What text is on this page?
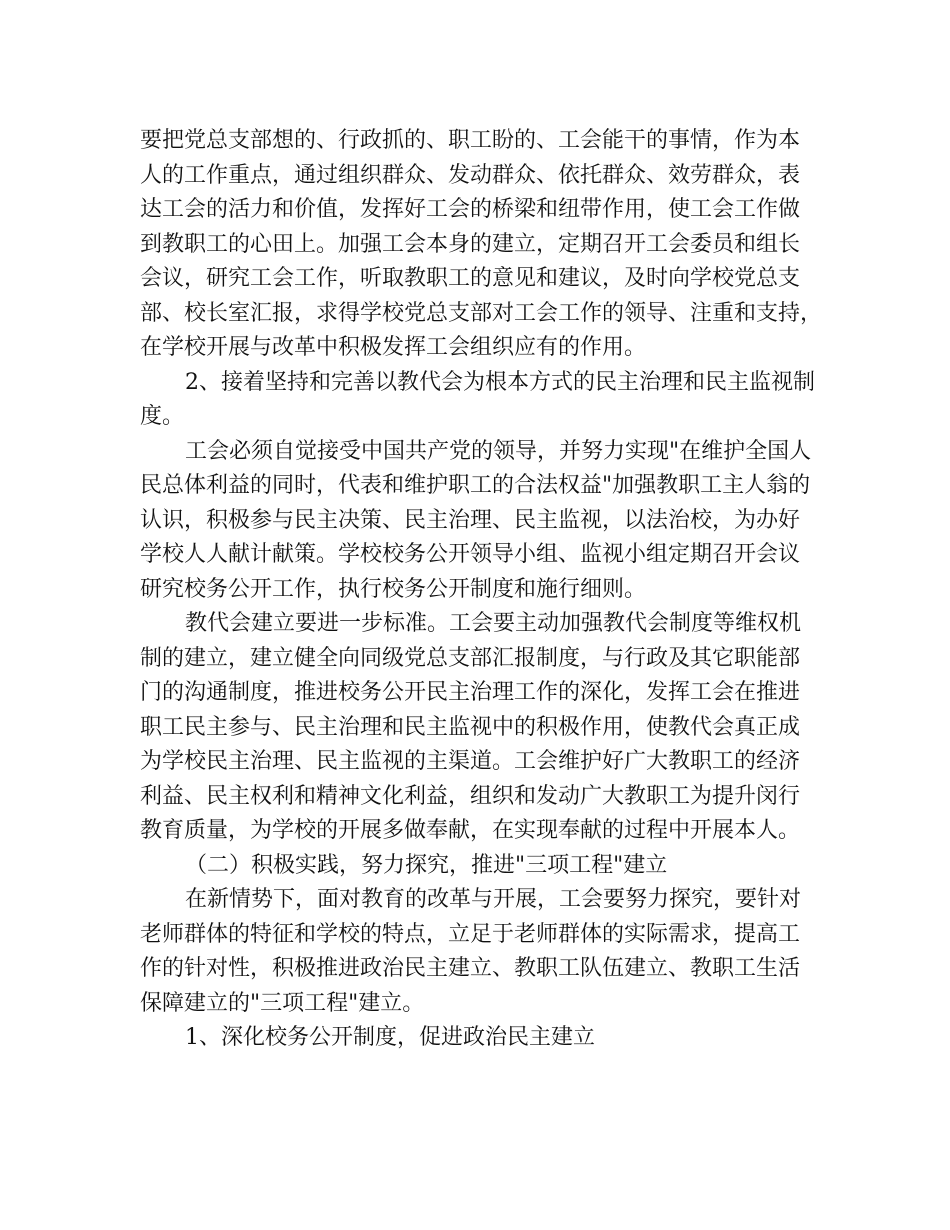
要把党总支部想的、行政抓的、职工盼的、工会能干的事情，作为本
人的工作重点，通过组织群众、发动群众、依托群众、效劳群众，表
达工会的活力和价值，发挥好工会的桥梁和纽带作用，使工会工作做
到教职工的心田上。加强工会本身的建立，定期召开工会委员和组长
会议，研究工会工作，听取教职工的意见和建议，及时向学校党总支
部、校长室汇报，求得学校党总支部对工会工作的领导、注重和支持，
在学校开展与改革中积极发挥工会组织应有的作用。
2、接着坚持和完善以教代会为根本方式的民主治理和民主监视制
度。
工会必须自觉接受中国共产党的领导，并努力实现"在维护全国人
民总体利益的同时，代表和维护职工的合法权益"加强教职工主人翁的
认识，积极参与民主决策、民主治理、民主监视，以法治校，为办好
学校人人献计献策。学校校务公开领导小组、监视小组定期召开会议
研究校务公开工作，执行校务公开制度和施行细则。
教代会建立要进一步标准。工会要主动加强教代会制度等维权机
制的建立，建立健全向同级党总支部汇报制度，与行政及其它职能部
门的沟通制度，推进校务公开民主治理工作的深化，发挥工会在推进
职工民主参与、民主治理和民主监视中的积极作用，使教代会真正成
为学校民主治理、民主监视的主渠道。工会维护好广大教职工的经济
利益、民主权利和精神文化利益，组织和发动广大教职工为提升闵行
教育质量，为学校的开展多做奉献，在实现奉献的过程中开展本人。
（二）积极实践，努力探究，推进"三项工程"建立
在新情势下，面对教育的改革与开展，工会要努力探究，要针对
老师群体的特征和学校的特点，立足于老师群体的实际需求，提高工
作的针对性，积极推进政治民主建立、教职工队伍建立、教职工生活
保障建立的"三项工程"建立。
1、深化校务公开制度，促进政治民主建立
